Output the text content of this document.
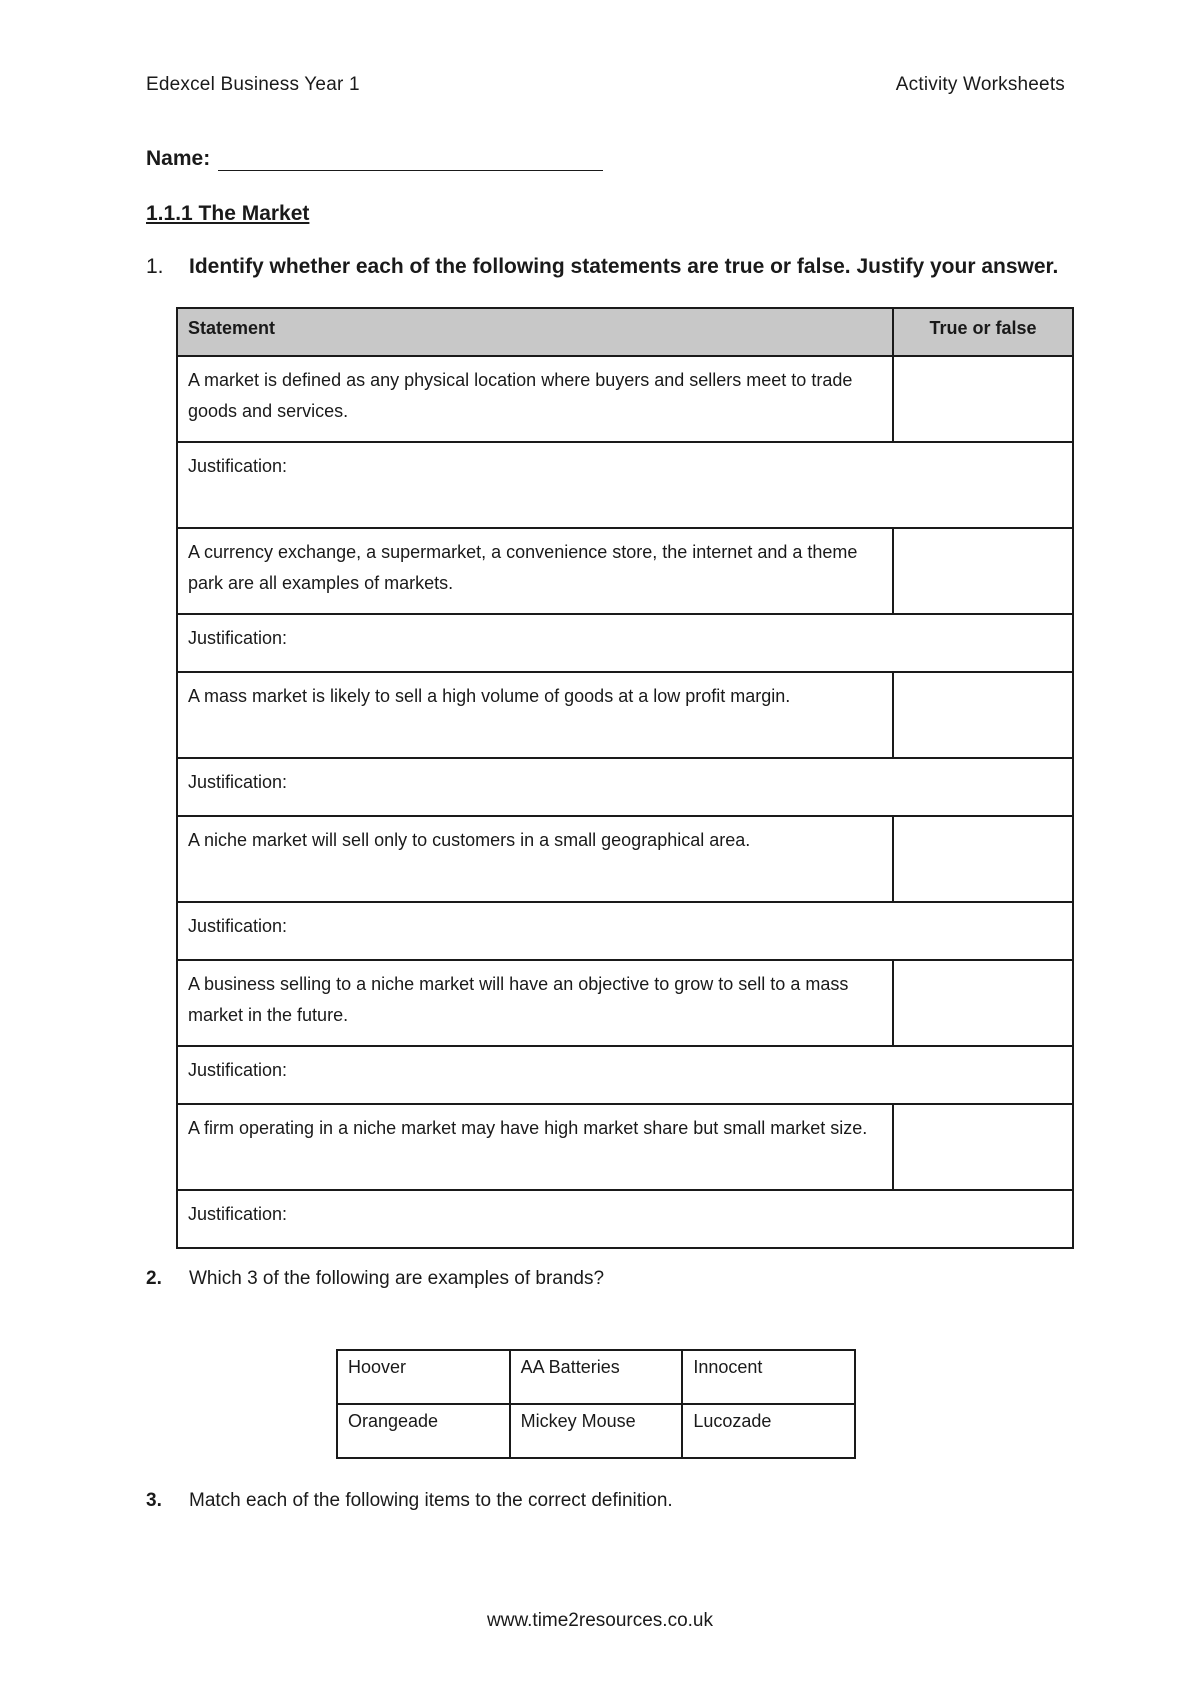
Edexcel Business Year 1	Activity Worksheets
Name:
1.1.1 The Market
1.	Identify whether each of the following statements are true or false. Justify your answer.
Statement	True or false
A market is defined as any physical location where buyers and sellers meet to trade goods and services.	
Justification:	
A currency exchange, a supermarket, a convenience store, the internet and a theme park are all examples of markets.	
Justification:	
A mass market is likely to sell a high volume of goods at a low profit margin.	
Justification:	
A niche market will sell only to customers in a small geographical area.	
Justification:	
A business selling to a niche market will have an objective to grow to sell to a mass market in the future.	
Justification:	
A firm operating in a niche market may have high market share but small market size.	
Justification:	
2.	Which 3 of the following are examples of brands?
Hoover	AA Batteries	Innocent
Orangeade	Mickey Mouse	Lucozade
3.	Match each of the following items to the correct definition.
www.time2resources.co.uk
